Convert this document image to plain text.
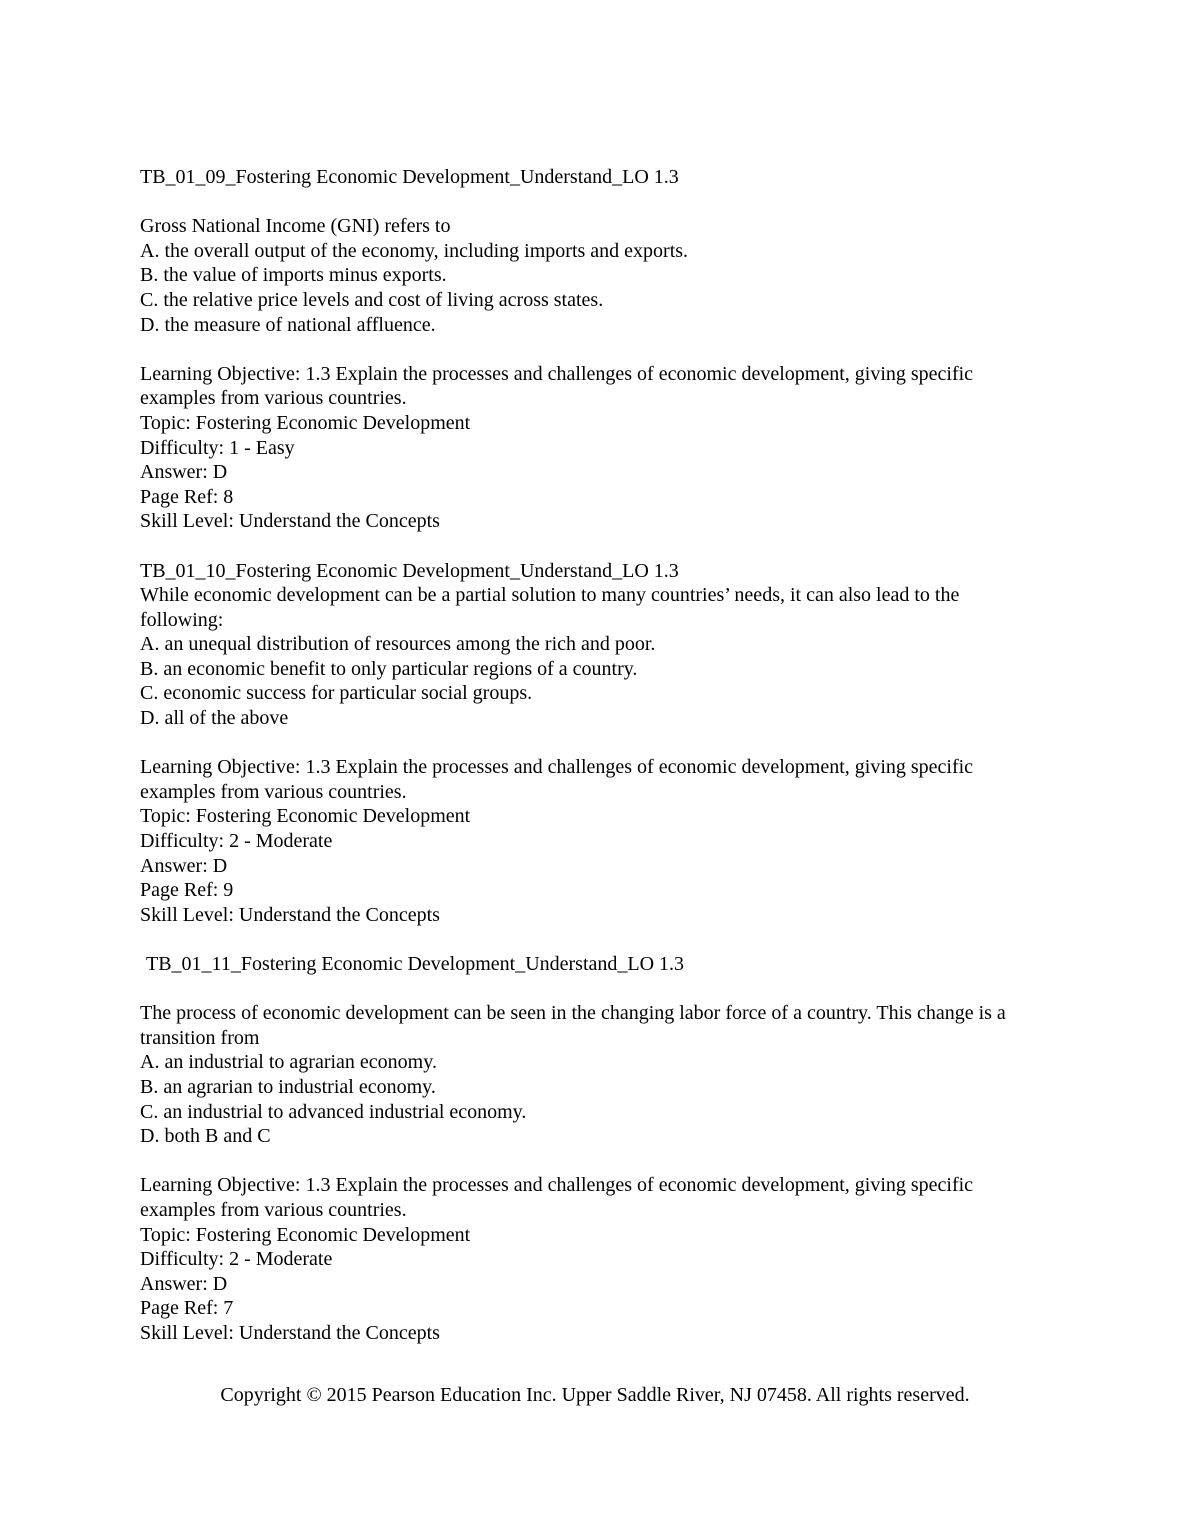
TB_01_09_Fostering Economic Development_Understand_LO 1.3
Gross National Income (GNI) refers to
A. the overall output of the economy, including imports and exports.
B. the value of imports minus exports.
C. the relative price levels and cost of living across states.
D. the measure of national affluence.
Learning Objective: 1.3 Explain the processes and challenges of economic development, giving specific examples from various countries.
Topic: Fostering Economic Development
Difficulty: 1 - Easy
Answer: D
Page Ref: 8
Skill Level: Understand the Concepts
TB_01_10_Fostering Economic Development_Understand_LO 1.3
While economic development can be a partial solution to many countries’ needs, it can also lead to the following:
A. an unequal distribution of resources among the rich and poor.
B. an economic benefit to only particular regions of a country.
C. economic success for particular social groups.
D. all of the above
Learning Objective: 1.3 Explain the processes and challenges of economic development, giving specific examples from various countries.
Topic: Fostering Economic Development
Difficulty: 2 - Moderate
Answer: D
Page Ref: 9
Skill Level: Understand the Concepts
TB_01_11_Fostering Economic Development_Understand_LO 1.3
The process of economic development can be seen in the changing labor force of a country. This change is a transition from
A. an industrial to agrarian economy.
B. an agrarian to industrial economy.
C. an industrial to advanced industrial economy.
D. both B and C
Learning Objective: 1.3 Explain the processes and challenges of economic development, giving specific examples from various countries.
Topic: Fostering Economic Development
Difficulty: 2 - Moderate
Answer: D
Page Ref: 7
Skill Level: Understand the Concepts
Copyright © 2015 Pearson Education Inc. Upper Saddle River, NJ 07458. All rights reserved.
